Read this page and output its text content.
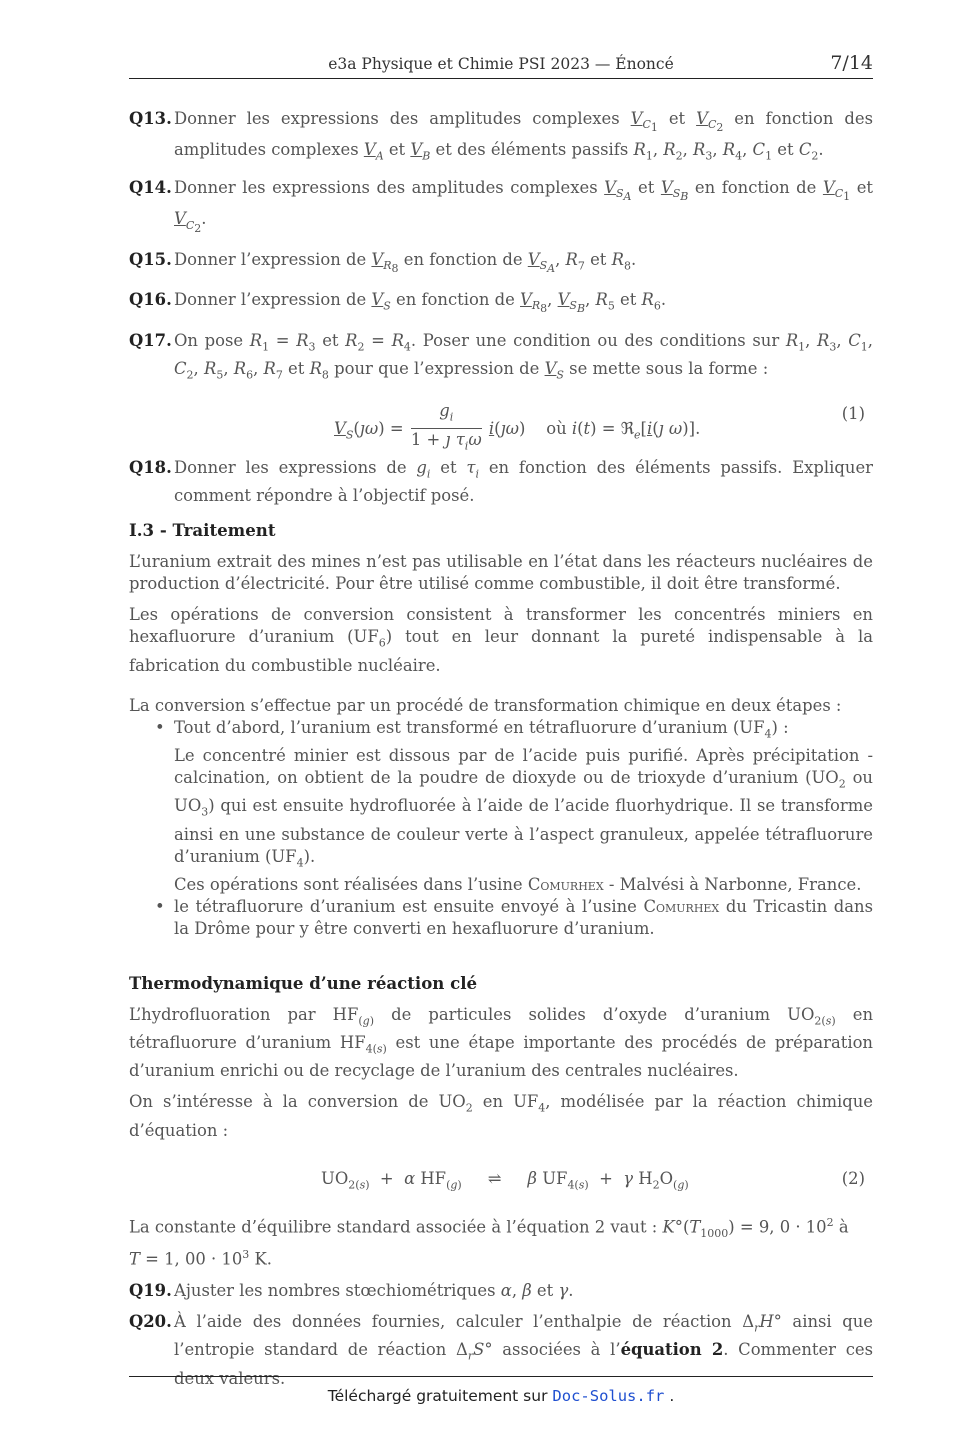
e3a Physique et Chimie PSI 2023 — Énoncé	7/14
Q13. Donner les expressions des amplitudes complexes $V_{C_1}$ et $V_{C_2}$ en fonction des amplitudes complexes $V_A$ et $V_B$ et des éléments passifs $R_1$, $R_2$, $R_3$, $R_4$, $C_1$ et $C_2$.
Q14. Donner les expressions des amplitudes complexes $V_{S_A}$ et $V_{S_B}$ en fonction de $V_{C_1}$ et $V_{C_2}$.
Q15. Donner l’expression de $V_{R_8}$ en fonction de $V_{S_A}$, $R_7$ et $R_8$.
Q16. Donner l’expression de $V_S$ en fonction de $V_{R_8}$, $V_{S_B}$, $R_5$ et $R_6$.
Q17. On pose $R_1 = R_3$ et $R_2 = R_4$. Poser une condition ou des conditions sur $R_1$, $R_3$, $C_1$, $C_2$, $R_5$, $R_6$, $R_7$ et $R_8$ pour que l’expression de $V_S$ se mette sous la forme :
$V_S(ȷ\omega) = \frac{g_i}{1 + ȷ \tau_i\omega}$ i(ȷω)    où i(t) = ℜ$_e$[i(ȷ ω)].
(1)
Q18. Donner les expressions de $g_i$ et $\tau_i$ en fonction des éléments passifs. Expliquer comment répondre à l’objectif posé.
I.3 - Traitement

L’uranium extrait des mines n’est pas utilisable en l’état dans les réacteurs nucléaires de production d’électricité. Pour être utilisé comme combustible, il doit être transformé.

Les opérations de conversion consistent à transformer les concentrés miniers en hexafluorure d’uranium $(UF_6)$ tout en leur donnant la pureté indispensable à la fabrication du combustible nucléaire.

La conversion s’effectue par un procédé de transformation chimique en deux étapes :

• Tout d’abord, l’uranium est transformé en tétrafluorure d’uranium $(UF_4)$ :
Le concentré minier est dissous par de l’acide puis purifié. Après précipitation - calcination, on obtient de la poudre de dioxyde ou de trioxyde d’uranium ($UO_2$ ou $UO_3$) qui est ensuite hydrofluorée à l’aide de l’acide fluorhydrique. Il se transforme ainsi en une substance de couleur verte à l’aspect granuleux, appelée tétrafluorure d’uranium $(UF_4)$.
Ces opérations sont réalisées dans l’usine Comurhex - Malvési à Narbonne, France.
• le tétrafluorure d’uranium est ensuite envoyé à l’usine Comurhex du Tricastin dans la Drôme pour y être converti en hexafluorure d’uranium.
Thermodynamique d’une réaction clé

L’hydrofluoration par $HF_{(g)}$ de particules solides d’oxyde d’uranium $UO_{2(s)}$ en tétrafluorure d’uranium $HF_{4(s)}$ est une étape importante des procédés de préparation d’uranium enrichi ou de recyclage de l’uranium des centrales nucléaires.

On s’intéresse à la conversion de $UO_2$ en $UF_4$, modélisée par la réaction chimique d’équation :

$UO_{2(s)} + \alpha$ $HF_{(g)}$     ⇌     β $UF_{4(s)} + \gamma$ $H_2O_{(g)}$	(2)

La constante d’équilibre standard associée à l’équation 2 vaut : $K^\circ(T_{1000}) = 9$, $0 \cdot 10^2$ à
T = 1, $00 \cdot 10^3$ K.

Q19. Ajuster les nombres stœchiométriques α, β et γ.
Q20. À l’aide des données fournies, calculer l’enthalpie de réaction $\Delta_rH^\circ$ ainsi que l’entropie standard de réaction $\Delta_rS^\circ$ associées à l’équation 2. Commenter ces deux valeurs.
Téléchargé gratuitement sur Doc-Solus.fr .
